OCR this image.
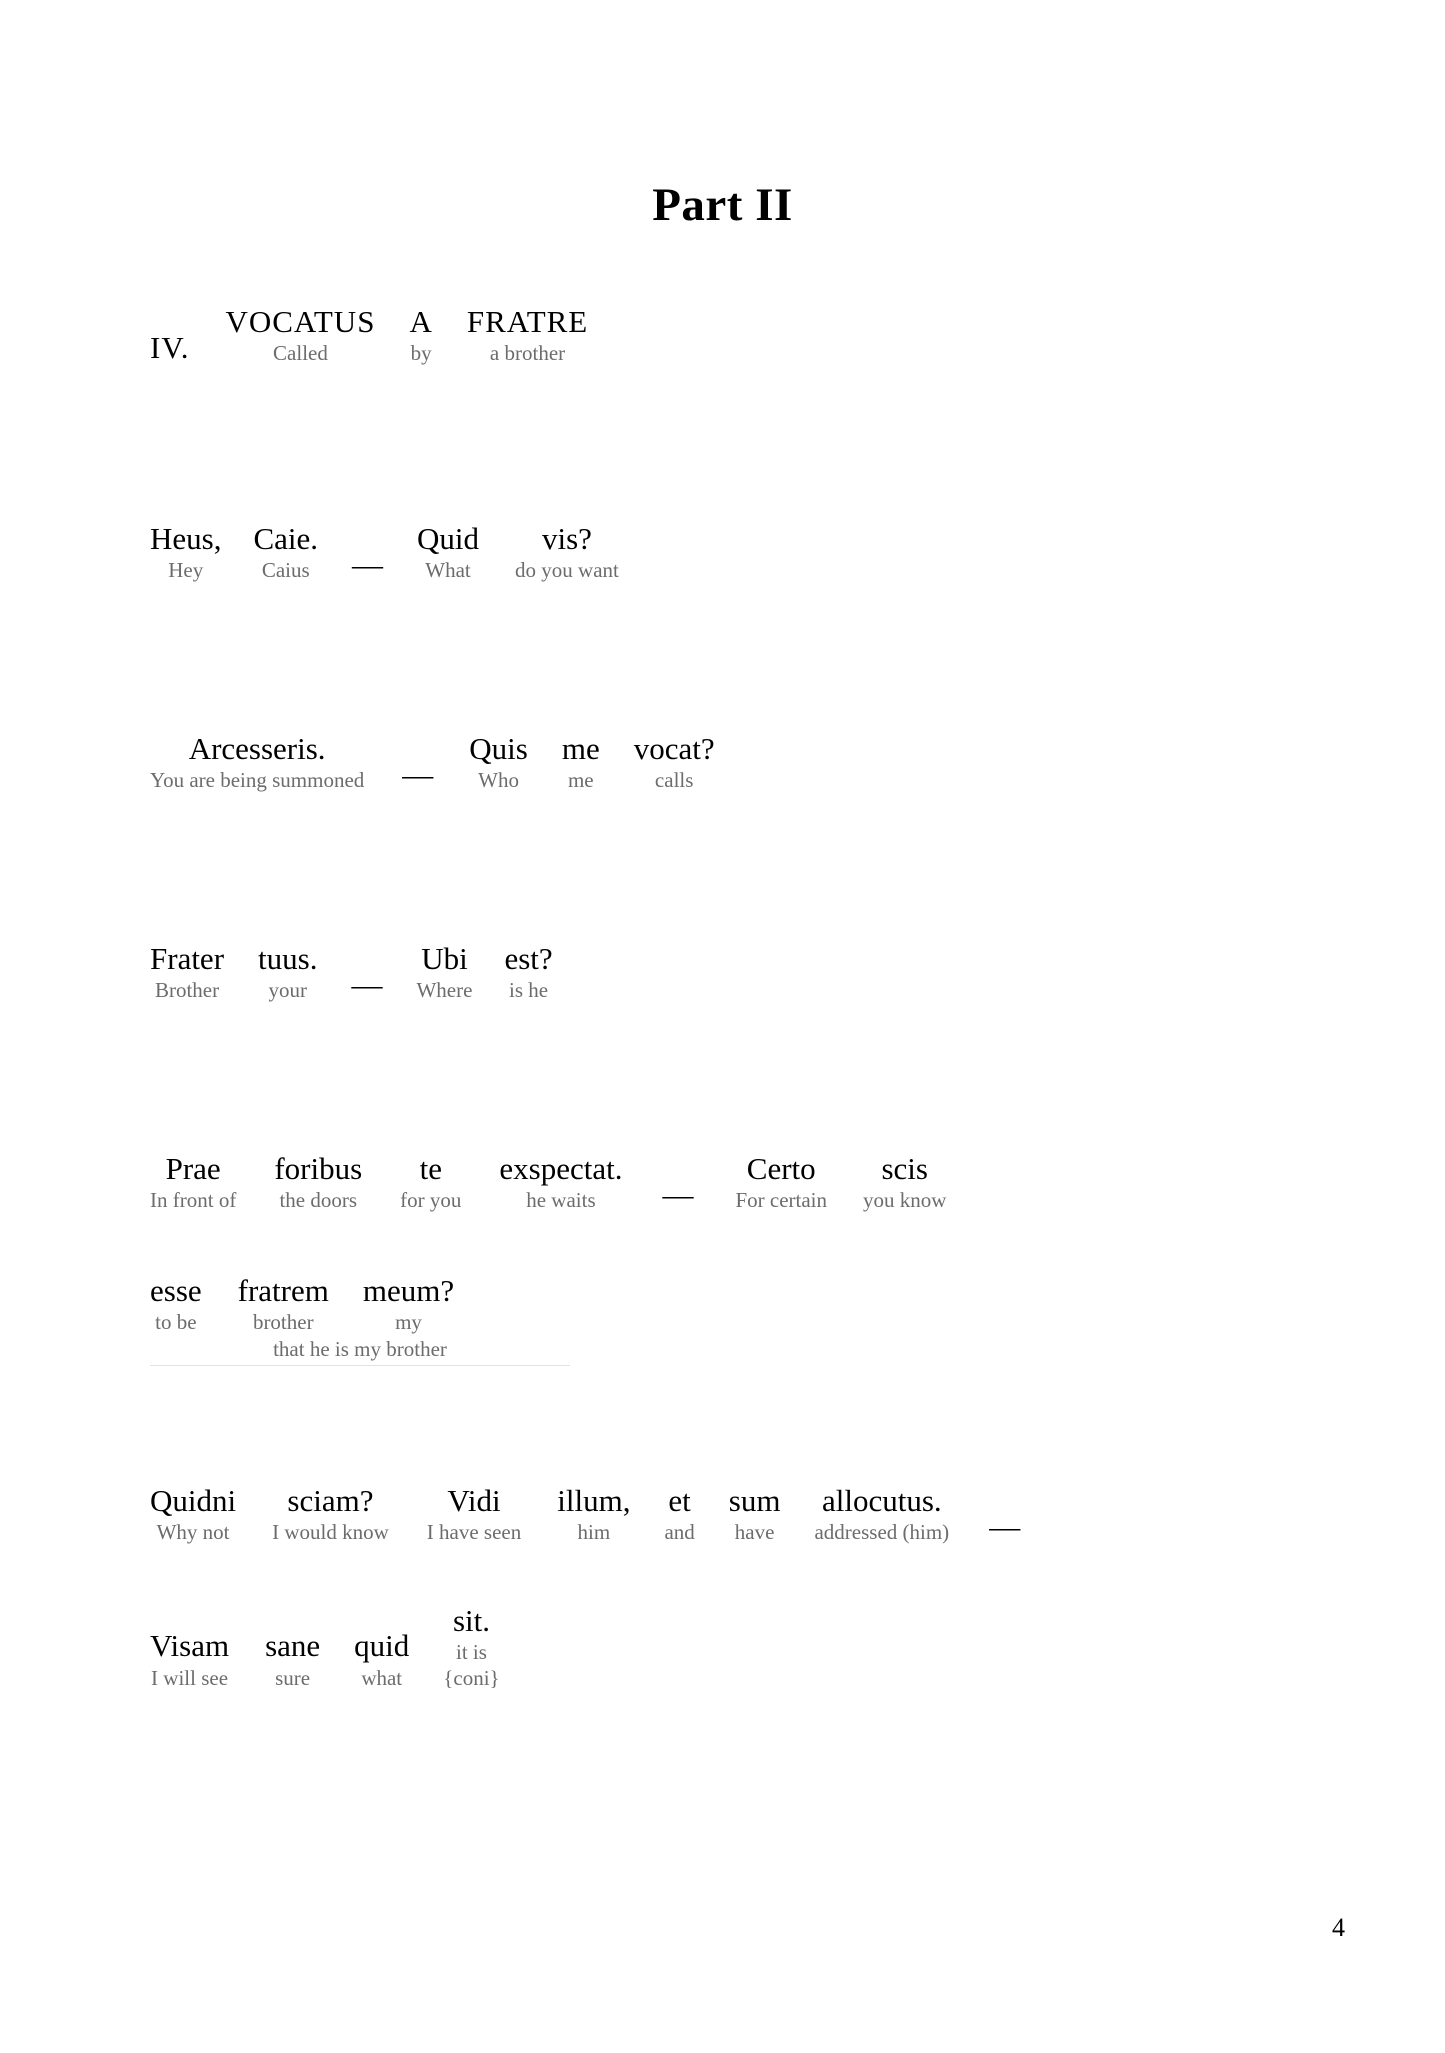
Part II
IV.
VOCATUS
Called
A
by
FRATRE
a brother
Heus,
Hey
Caie.
Caius —
Quid
What
vis?
do you want
Arcesseris.
You are being summoned —
Quis
Who
me
me
vocat?
calls
Frater
Brother
tuus.
your —
Ubi
Where
est?
is he
Prae
In front of
foribus
the doors
te
for you
exspectat.
he waits —
Certo
For certain
scis
you know
esse
to be
fratrem
brother
meum?
my
that he is my brother
Quidni
Why not
sciam?
I would know
Vidi
I have seen
illum,
him
et
and
sum
have
allocutus.
addressed (him) —
Visam
I will see
sane
sure
quid
what
sit.
it is
{coni}
4
